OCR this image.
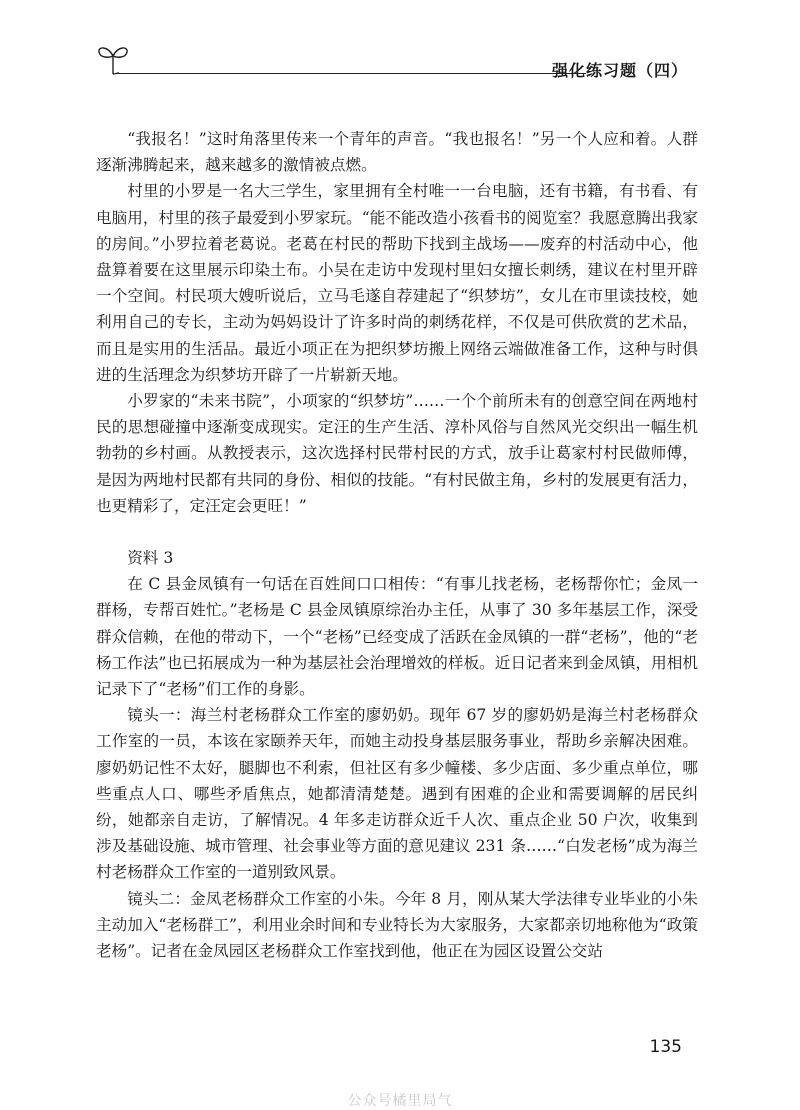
强化练习题（四）

“我报名！”这时角落里传来一个青年的声音。“我也报名！”另一个人应和着。人群逐渐沸腾起来，越来越多的激情被点燃。

村里的小罗是一名大三学生，家里拥有全村唯一一台电脑，还有书籍，有书看、有电脑用，村里的孩子最爱到小罗家玩。“能不能改造小孩看书的阅览室？我愿意腾出我家的房间。”小罗拉着老葛说。老葛在村民的帮助下找到主战场——废弃的村活动中心，他盘算着要在这里展示印染土布。小吴在走访中发现村里妇女擅长刺绣，建议在村里开辟一个空间。村民项大嫂听说后，立马毛遂自荐建起了“织梦坊”，女儿在市里读技校，她利用自己的专长，主动为妈妈设计了许多时尚的刺绣花样，不仅是可供欣赏的艺术品，而且是实用的生活品。最近小项正在为把织梦坊搬上网络云端做准备工作，这种与时俱进的生活理念为织梦坊开辟了一片崭新天地。

小罗家的“未来书院”，小项家的“织梦坊”……一个个前所未有的创意空间在两地村民的思想碰撞中逐渐变成现实。定汪的生产生活、淳朴风俗与自然风光交织出一幅生机勃勃的乡村画。从教授表示，这次选择村民带村民的方式，放手让葛家村村民做师傅，是因为两地村民都有共同的身份、相似的技能。“有村民做主角，乡村的发展更有活力，也更精彩了，定汪定会更旺！”

资料 3

在 C 县金凤镇有一句话在百姓间口口相传：“有事儿找老杨，老杨帮你忙；金凤一群杨，专帮百姓忙。”老杨是 C 县金凤镇原综治办主任，从事了 30 多年基层工作，深受群众信赖，在他的带动下，一个“老杨”已经变成了活跃在金凤镇的一群“老杨”，他的“老杨工作法”也已拓展成为一种为基层社会治理增效的样板。近日记者来到金凤镇，用相机记录下了“老杨”们工作的身影。

镜头一：海兰村老杨群众工作室的廖奶奶。现年 67 岁的廖奶奶是海兰村老杨群众工作室的一员，本该在家颐养天年，而她主动投身基层服务事业，帮助乡亲解决困难。廖奶奶记性不太好，腿脚也不利索，但社区有多少幢楼、多少店面、多少重点单位，哪些重点人口、哪些矛盾焦点，她都清清楚楚。遇到有困难的企业和需要调解的居民纠纷，她都亲自走访，了解情况。4 年多走访群众近千人次、重点企业 50 户次，收集到涉及基础设施、城市管理、社会事业等方面的意见建议 231 条……“白发老杨”成为海兰村老杨群众工作室的一道别致风景。

镜头二：金凤老杨群众工作室的小朱。今年 8 月，刚从某大学法律专业毕业的小朱主动加入“老杨群工”，利用业余时间和专业特长为大家服务，大家都亲切地称他为“政策老杨”。记者在金凤园区老杨群众工作室找到他，他正在为园区设置公交站

135
公众号橘里局气
